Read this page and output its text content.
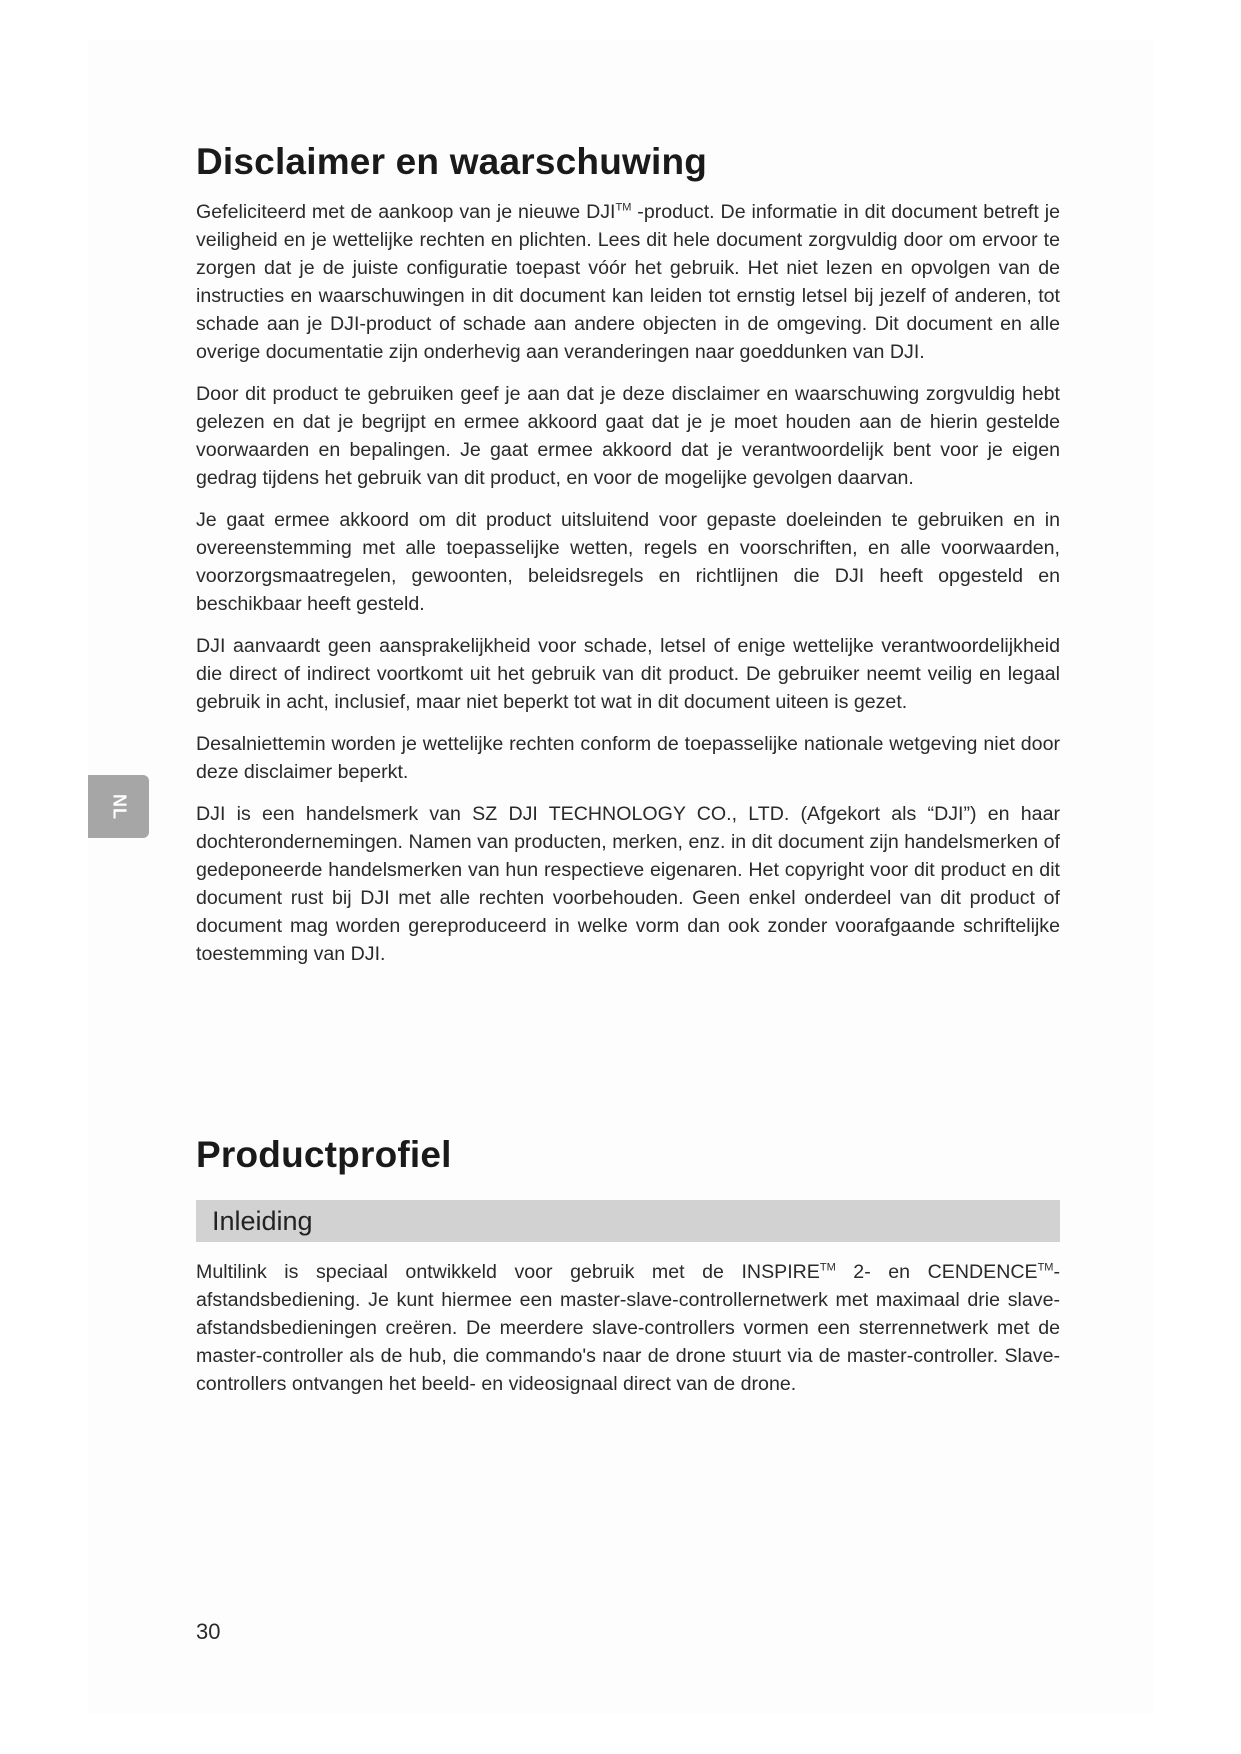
Disclaimer en waarschuwing

Gefeliciteerd met de aankoop van je nieuwe DJI™ -product. De informatie in dit document betreft je veiligheid en je wettelijke rechten en plichten. Lees dit hele document zorgvuldig door om ervoor te zorgen dat je de juiste configuratie toepast vóór het gebruik. Het niet lezen en opvolgen van de instructies en waarschuwingen in dit document kan leiden tot ernstig letsel bij jezelf of anderen, tot schade aan je DJI-product of schade aan andere objecten in de omgeving. Dit document en alle overige documentatie zijn onderhevig aan veranderingen naar goeddunken van DJI.

Door dit product te gebruiken geef je aan dat je deze disclaimer en waarschuwing zorgvuldig hebt gelezen en dat je begrijpt en ermee akkoord gaat dat je je moet houden aan de hierin gestelde voorwaarden en bepalingen. Je gaat ermee akkoord dat je verantwoordelijk bent voor je eigen gedrag tijdens het gebruik van dit product, en voor de mogelijke gevolgen daarvan.

Je gaat ermee akkoord om dit product uitsluitend voor gepaste doeleinden te gebruiken en in overeenstemming met alle toepasselijke wetten, regels en voorschriften, en alle voorwaarden, voorzorgsmaatregelen, gewoonten, beleidsregels en richtlijnen die DJI heeft opgesteld en beschikbaar heeft gesteld.

DJI aanvaardt geen aansprakelijkheid voor schade, letsel of enige wettelijke verantwoordelijkheid die direct of indirect voortkomt uit het gebruik van dit product. De gebruiker neemt veilig en legaal gebruik in acht, inclusief, maar niet beperkt tot wat in dit document uiteen is gezet.

Desalniettemin worden je wettelijke rechten conform de toepasselijke nationale wetgeving niet door deze disclaimer beperkt.

DJI is een handelsmerk van SZ DJI TECHNOLOGY CO., LTD. (Afgekort als “DJI”) en haar dochterondernemingen. Namen van producten, merken, enz. in dit document zijn handelsmerken of gedeponeerde handelsmerken van hun respectieve eigenaren. Het copyright voor dit product en dit document rust bij DJI met alle rechten voorbehouden. Geen enkel onderdeel van dit product of document mag worden gereproduceerd in welke vorm dan ook zonder voorafgaande schriftelijke toestemming van DJI.

Productprofiel
Inleiding

Multilink is speciaal ontwikkeld voor gebruik met de INSPIRE™ 2- en CENDENCE™-afstandsbediening. Je kunt hiermee een master-slave-controllernetwerk met maximaal drie slave-afstandsbedieningen creëren. De meerdere slave-controllers vormen een sterrennetwerk met de master-controller als de hub, die commando's naar de drone stuurt via de master-controller. Slave-controllers ontvangen het beeld- en videosignaal direct van de drone.

NL
30
